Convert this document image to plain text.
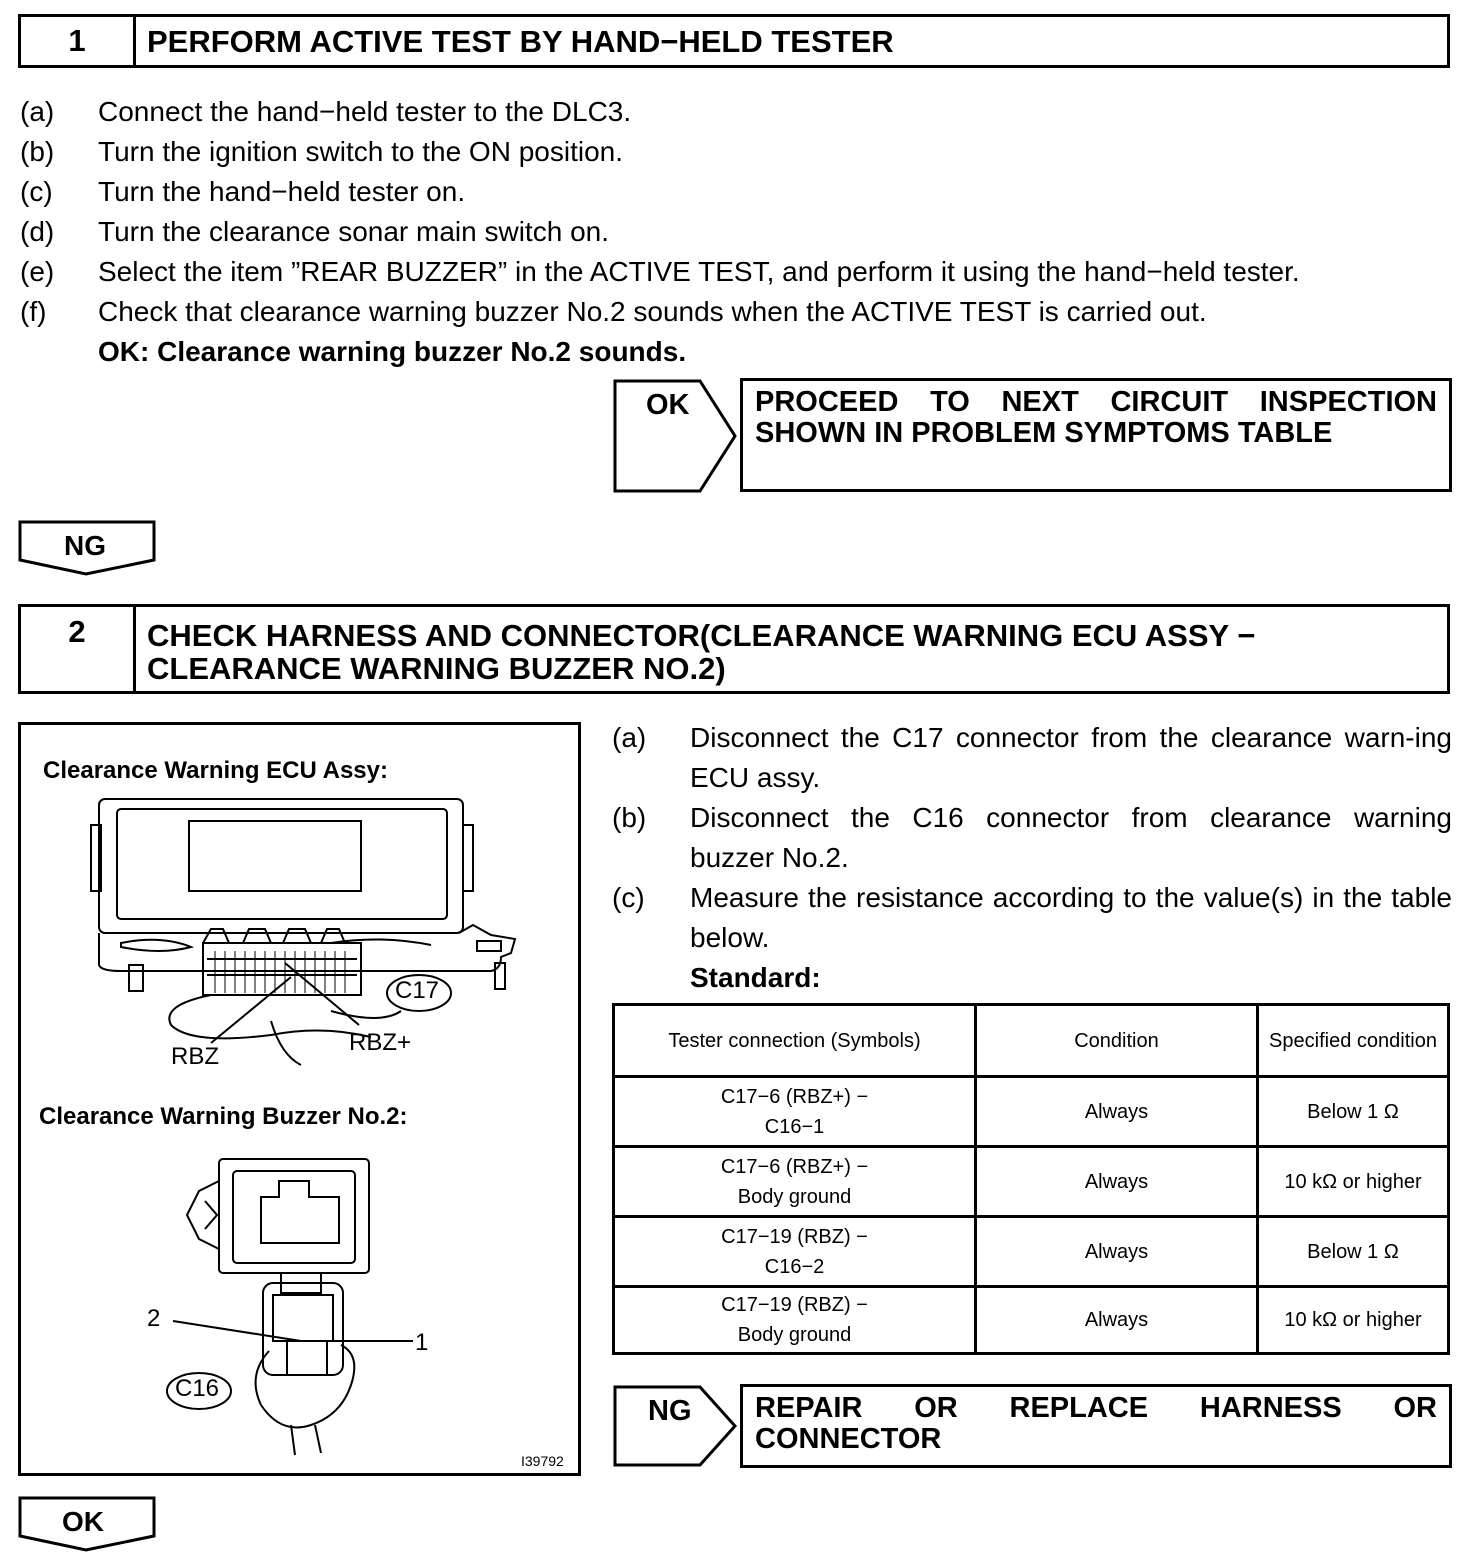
1	PERFORM ACTIVE TEST BY HAND−HELD TESTER
(a) Connect the hand−held tester to the DLC3.
(b) Turn the ignition switch to the ON position.
(c) Turn the hand−held tester on.
(d) Turn the clearance sonar main switch on.
(e) Select the item ”REAR BUZZER” in the ACTIVE TEST, and perform it using the hand−held tester.
(f) Check that clearance warning buzzer No.2 sounds when the ACTIVE TEST is carried out.
OK: Clearance warning buzzer No.2 sounds.
OK PROCEED TO NEXT CIRCUIT INSPECTION
SHOWN IN PROBLEM SYMPTOMS TABLE
NG
2	CHECK HARNESS AND CONNECTOR(CLEARANCE WARNING ECU ASSY −
CLEARANCE WARNING BUZZER NO.2)
Clearance Warning ECU Assy:
Clearance Warning Buzzer No.2:
I39792
C17
RBZ
RBZ+
2
1
C16
(a) Disconnect the C17 connector from the clearance warn-ing ECU assy.
(b) Disconnect the C16 connector from clearance warning buzzer No.2.
(c) Measure the resistance according to the value(s) in the table below.
Standard:
Tester connection (Symbols)	Condition	Specified condition

C17−6 (RBZ+) −
C16−1	Always	Below 1 Ω

C17−6 (RBZ+) −
Body ground	Always	10 kΩ or higher

C17−19 (RBZ) −
C16−2	Always	Below 1 Ω

C17−19 (RBZ) −
Body ground	Always	10 kΩ or higher
NG REPAIR OR REPLACE HARNESS OR
CONNECTOR
OK
